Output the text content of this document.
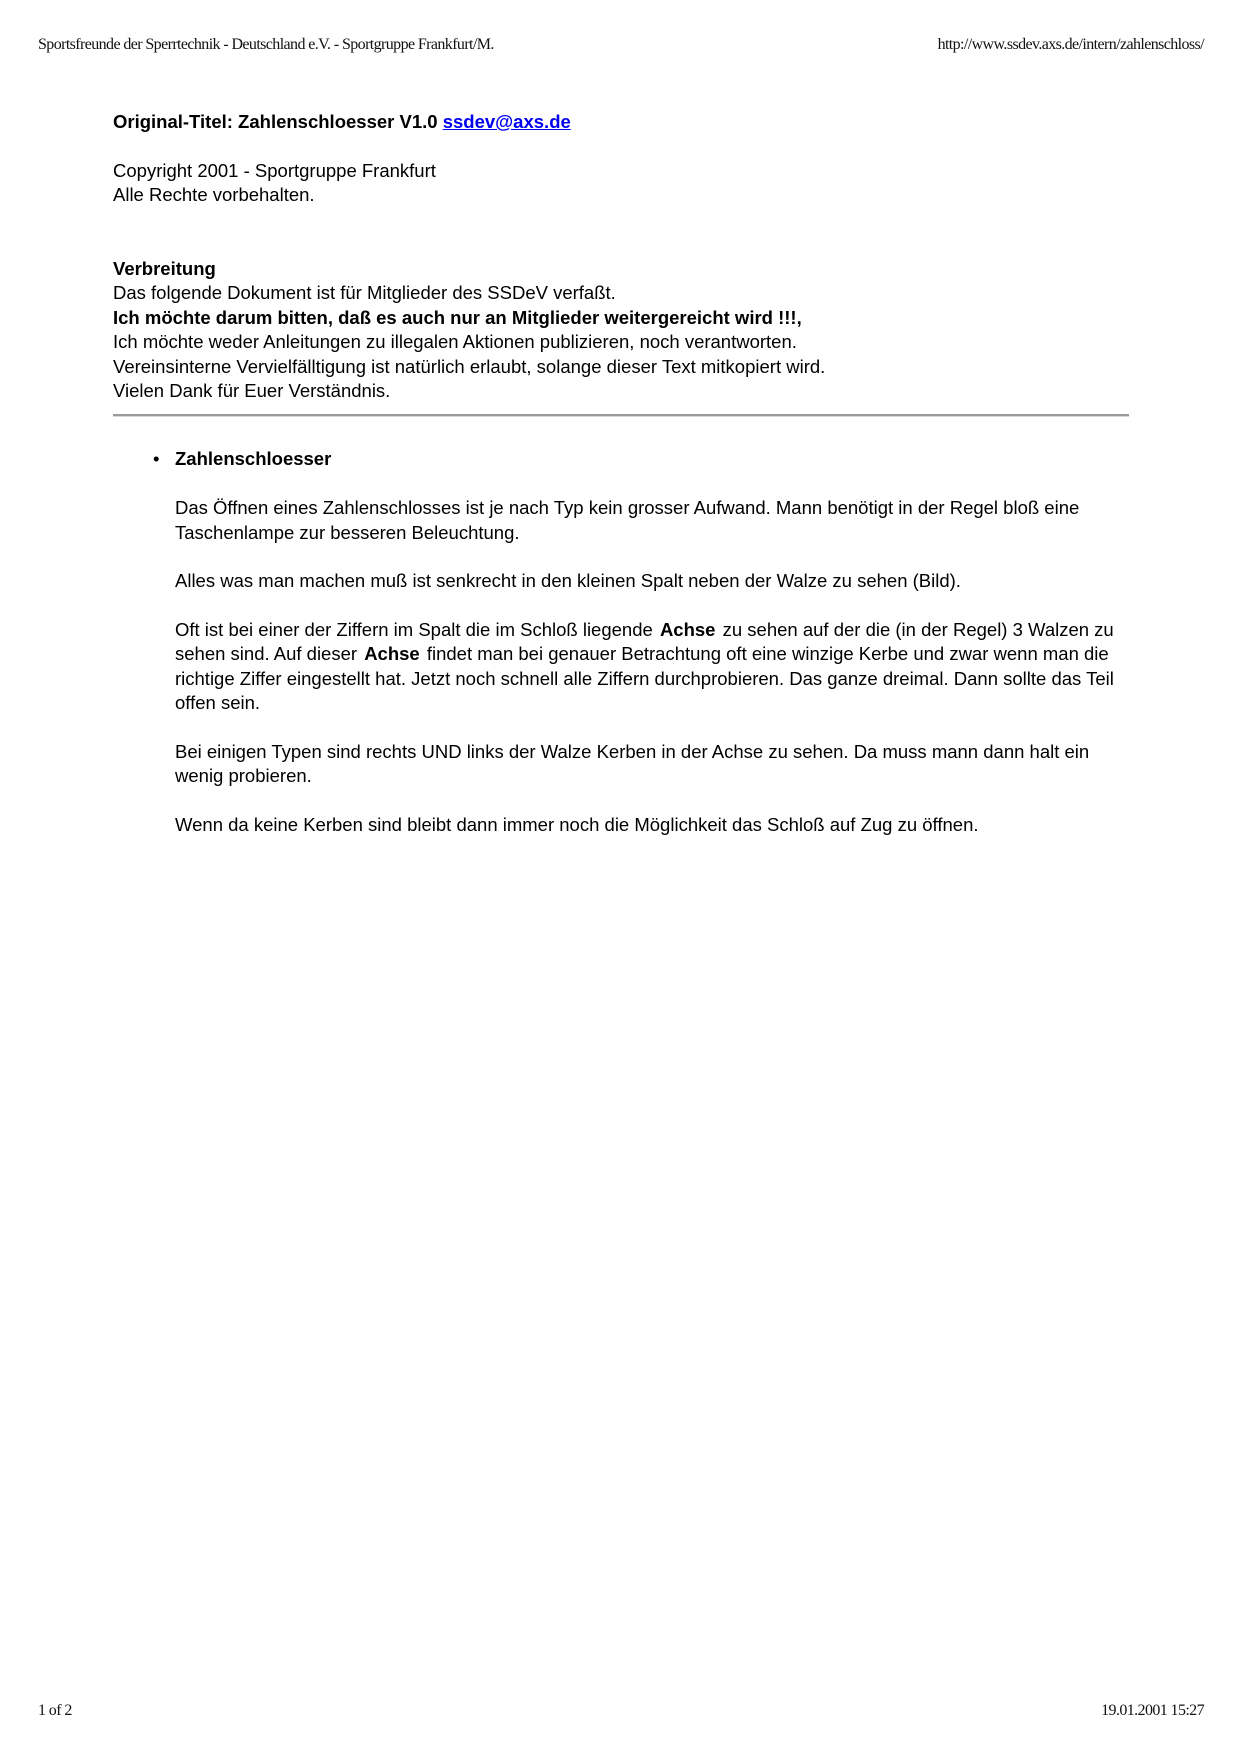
Sportsfreunde der Sperrtechnik - Deutschland e.V. - Sportgruppe Frankfurt/M.	http://www.ssdev.axs.de/intern/zahlenschloss/

Original-Titel: Zahlenschloesser V1.0 ssdev@axs.de

Copyright 2001 - Sportgruppe Frankfurt

Alle Rechte vorbehalten.

Verbreitung

Das folgende Dokument ist für Mitglieder des SSDeV verfaßt.

Ich möchte darum bitten, daß es auch nur an Mitglieder weitergereicht wird !!!,

Ich möchte weder Anleitungen zu illegalen Aktionen publizieren, noch verantworten.

Vereinsinterne Vervielfälltigung ist natürlich erlaubt, solange dieser Text mitkopiert wird.

Vielen Dank für Euer Verständnis.

• Zahlenschloesser

Das Öffnen eines Zahlenschlosses ist je nach Typ kein grosser Aufwand. Mann benötigt in der Regel bloß eine Taschenlampe zur besseren Beleuchtung.

Alles was man machen muß ist senkrecht in den kleinen Spalt neben der Walze zu sehen (Bild).

Oft ist bei einer der Ziffern im Spalt die im Schloß liegende Achse zu sehen auf der die (in der Regel) 3 Walzen zu sehen sind. Auf dieser Achse findet man bei genauer Betrachtung oft eine winzige Kerbe und zwar wenn man die richtige Ziffer eingestellt hat. Jetzt noch schnell alle Ziffern durchprobieren. Das ganze dreimal. Dann sollte das Teil offen sein.

Bei einigen Typen sind rechts UND links der Walze Kerben in der Achse zu sehen. Da muss mann dann halt ein wenig probieren.

Wenn da keine Kerben sind bleibt dann immer noch die Möglichkeit das Schloß auf Zug zu öffnen.

1 of 2	19.01.2001 15:27
